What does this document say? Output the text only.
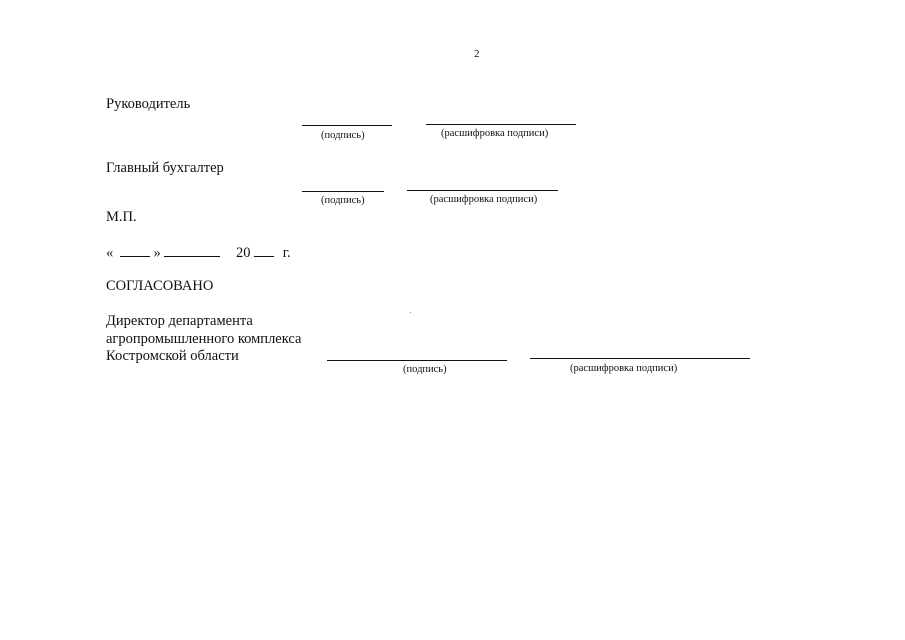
2
Руководитель
(подпись)	(расшифровка подписи)
Главный бухгалтер
(подпись)	(расшифровка подписи)
М.П.
«	»	20 г.
СОГЛАСОВАНО
Директор департамента
агропромышленного комплекса
Костромской области
(подпись)	(расшифровка подписи)
